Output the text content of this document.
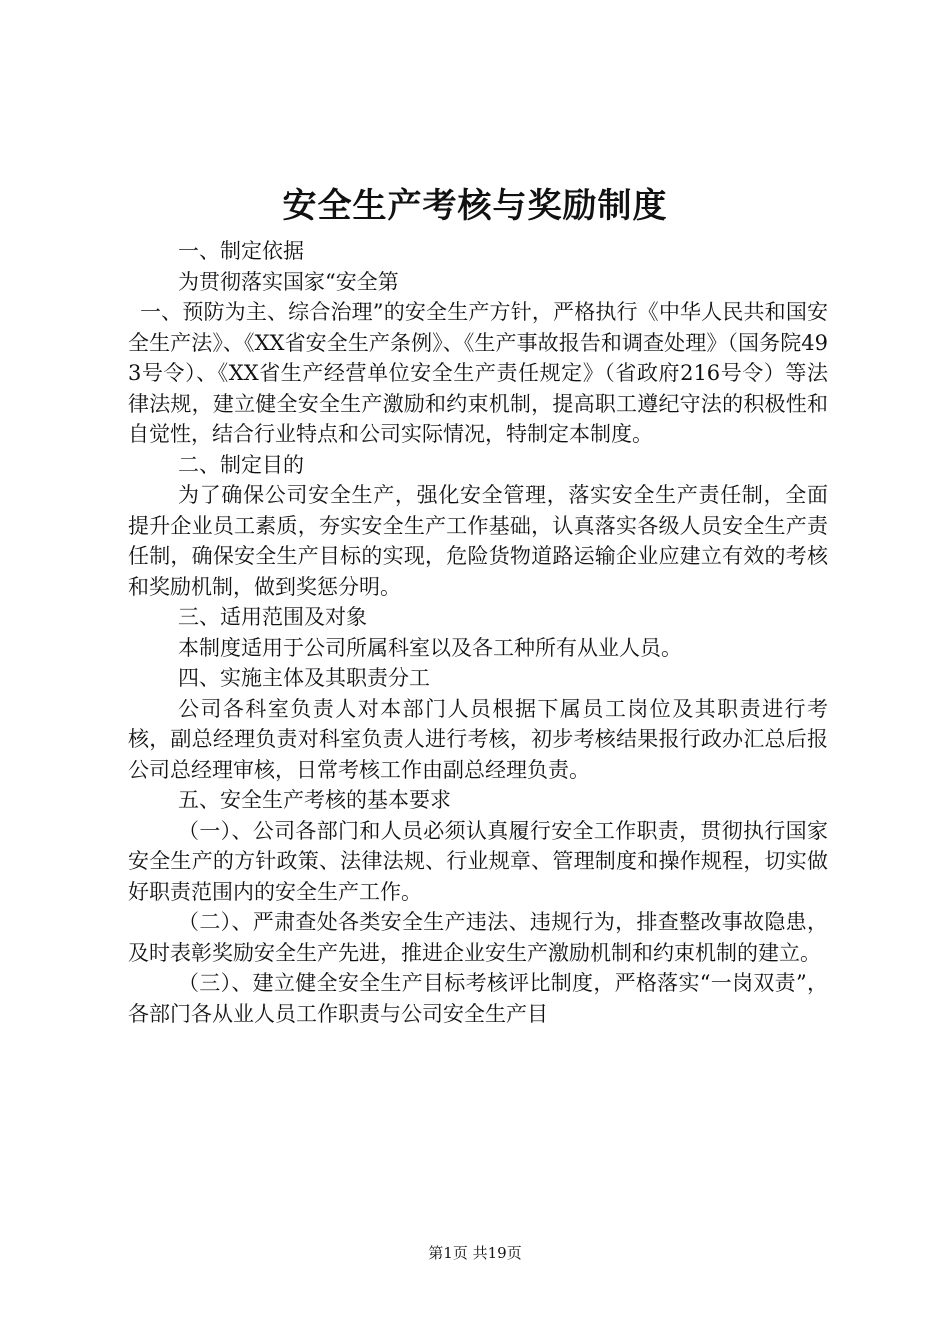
安全生产考核与奖励制度

一、制定依据

为贯彻落实国家“安全第

一、预防为主、综合治理”的安全生产方针，严格执行《中华人民共和国安全生产法》、《XX省安全生产条例》、《生产事故报告和调查处理》（国务院493号令）、《XX省生产经营单位安全生产责任规定》（省政府216号令）等法律法规，建立健全安全生产激励和约束机制，提高职工遵纪守法的积极性和自觉性，结合行业特点和公司实际情况，特制定本制度。

二、制定目的

为了确保公司安全生产，强化安全管理，落实安全生产责任制，全面提升企业员工素质，夯实安全生产工作基础，认真落实各级人员安全生产责任制，确保安全生产目标的实现，危险货物道路运输企业应建立有效的考核和奖励机制，做到奖惩分明。

三、适用范围及对象

本制度适用于公司所属科室以及各工种所有从业人员。

四、实施主体及其职责分工

公司各科室负责人对本部门人员根据下属员工岗位及其职责进行考核，副总经理负责对科室负责人进行考核，初步考核结果报行政办汇总后报公司总经理审核，日常考核工作由副总经理负责。

五、安全生产考核的基本要求

（一）、公司各部门和人员必须认真履行安全工作职责，贯彻执行国家安全生产的方针政策、法律法规、行业规章、管理制度和操作规程，切实做好职责范围内的安全生产工作。

（二）、严肃查处各类安全生产违法、违规行为，排查整改事故隐患，及时表彰奖励安全生产先进，推进企业安生产激励机制和约束机制的建立。

（三）、建立健全安全生产目标考核评比制度，严格落实“一岗双责”，各部门各从业人员工作职责与公司安全生产目

第1页 共19页
